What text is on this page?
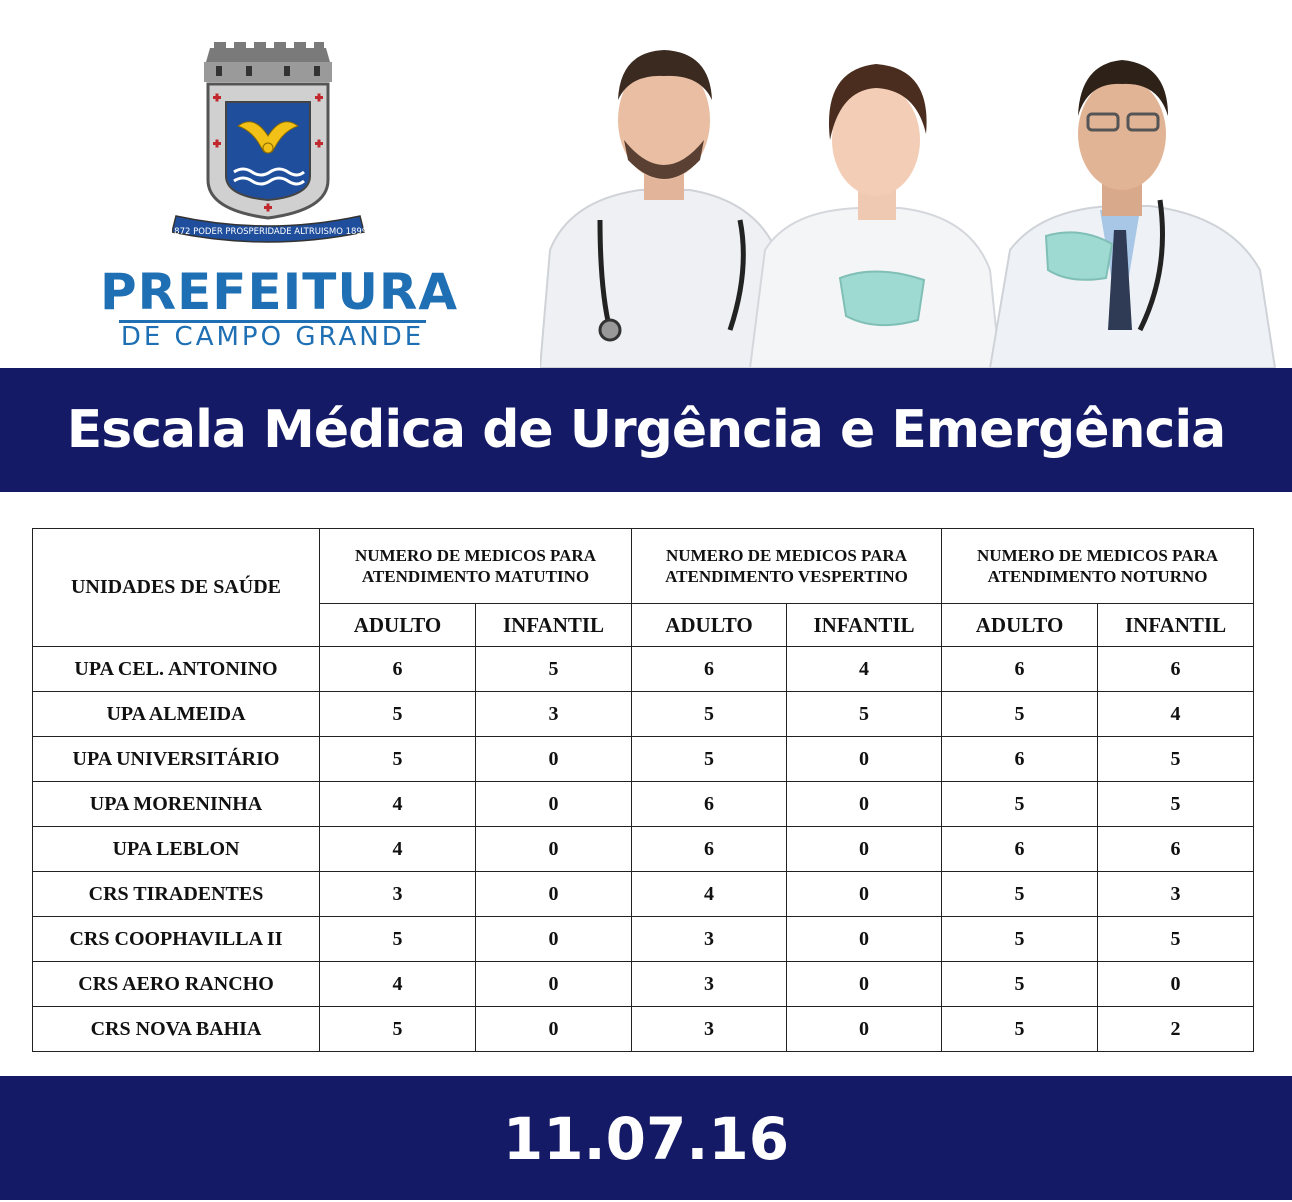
1872 PODER PROSPERIDADE ALTRUISMO 1899
PREFEITURA
DE CAMPO GRANDE
Escala Médica de Urgência e Emergência
UNIDADES DE SAÚDE	NUMERO DE MEDICOS PARA ATENDIMENTO MATUTINO		NUMERO DE MEDICOS PARA ATENDIMENTO VESPERTINO		NUMERO DE MEDICOS PARA ATENDIMENTO NOTURNO	
	ADULTO	INFANTIL	ADULTO	INFANTIL	ADULTO	INFANTIL
UPA CEL. ANTONINO	6	5	6	4	6	6
UPA ALMEIDA	5	3	5	5	5	4
UPA UNIVERSITÁRIO	5	0	5	0	6	5
UPA MORENINHA	4	0	6	0	5	5
UPA LEBLON	4	0	6	0	6	6
CRS TIRADENTES	3	0	4	0	5	3
CRS COOPHAVILLA II	5	0	3	0	5	5
CRS AERO RANCHO	4	0	3	0	5	0
CRS NOVA BAHIA	5	0	3	0	5	2
11.07.16
